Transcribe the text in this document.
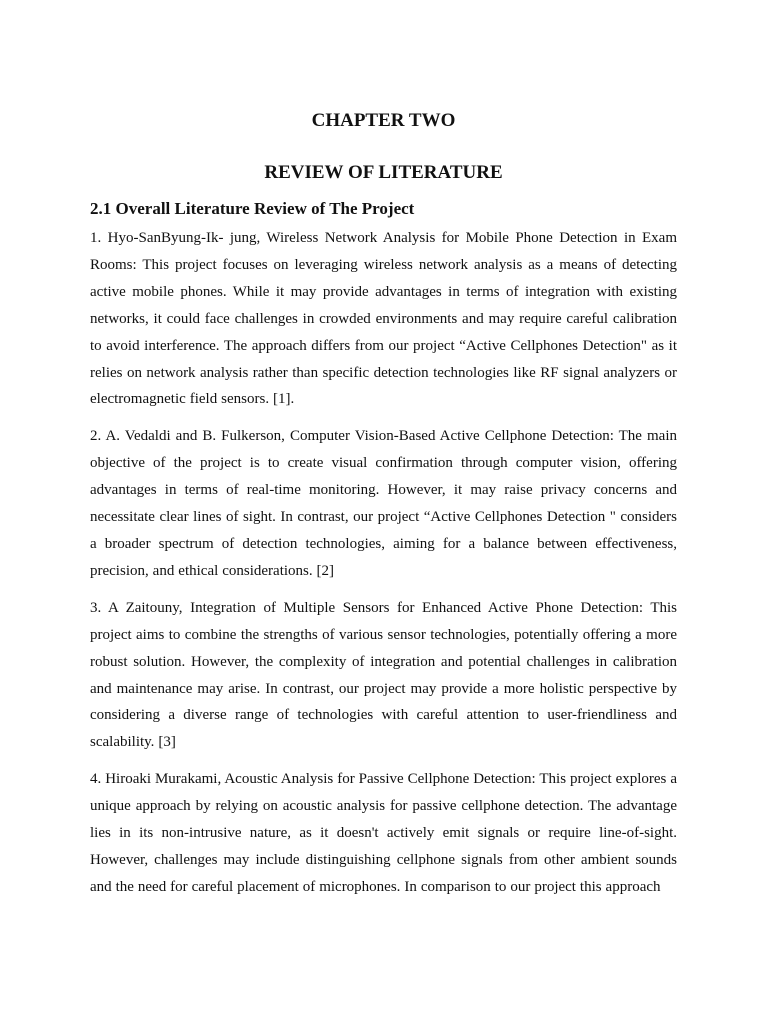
CHAPTER TWO
REVIEW OF LITERATURE
2.1 Overall Literature Review of The Project

1. Hyo-SanByung-Ik- jung, Wireless Network Analysis for Mobile Phone Detection in Exam Rooms: This project focuses on leveraging wireless network analysis as a means of detecting active mobile phones. While it may provide advantages in terms of integration with existing networks, it could face challenges in crowded environments and may require careful calibration to avoid interference. The approach differs from our project “Active Cellphones Detection" as it relies on network analysis rather than specific detection technologies like RF signal analyzers or electromagnetic field sensors. [1].

2. A. Vedaldi and B. Fulkerson, Computer Vision-Based Active Cellphone Detection: The main objective of the project is to create visual confirmation through computer vision, offering advantages in terms of real-time monitoring. However, it may raise privacy concerns and necessitate clear lines of sight. In contrast, our project “Active Cellphones Detection " considers a broader spectrum of detection technologies, aiming for a balance between effectiveness, precision, and ethical considerations. [2]

3. A Zaitouny, Integration of Multiple Sensors for Enhanced Active Phone Detection: This project aims to combine the strengths of various sensor technologies, potentially offering a more robust solution. However, the complexity of integration and potential challenges in calibration and maintenance may arise. In contrast, our project may provide a more holistic perspective by considering a diverse range of technologies with careful attention to user-friendliness and scalability. [3]

4. Hiroaki Murakami, Acoustic Analysis for Passive Cellphone Detection: This project explores a unique approach by relying on acoustic analysis for passive cellphone detection. The advantage lies in its non-intrusive nature, as it doesn't actively emit signals or require line-of-sight. However, challenges may include distinguishing cellphone signals from other ambient sounds and the need for careful placement of microphones. In comparison to our project this approach
